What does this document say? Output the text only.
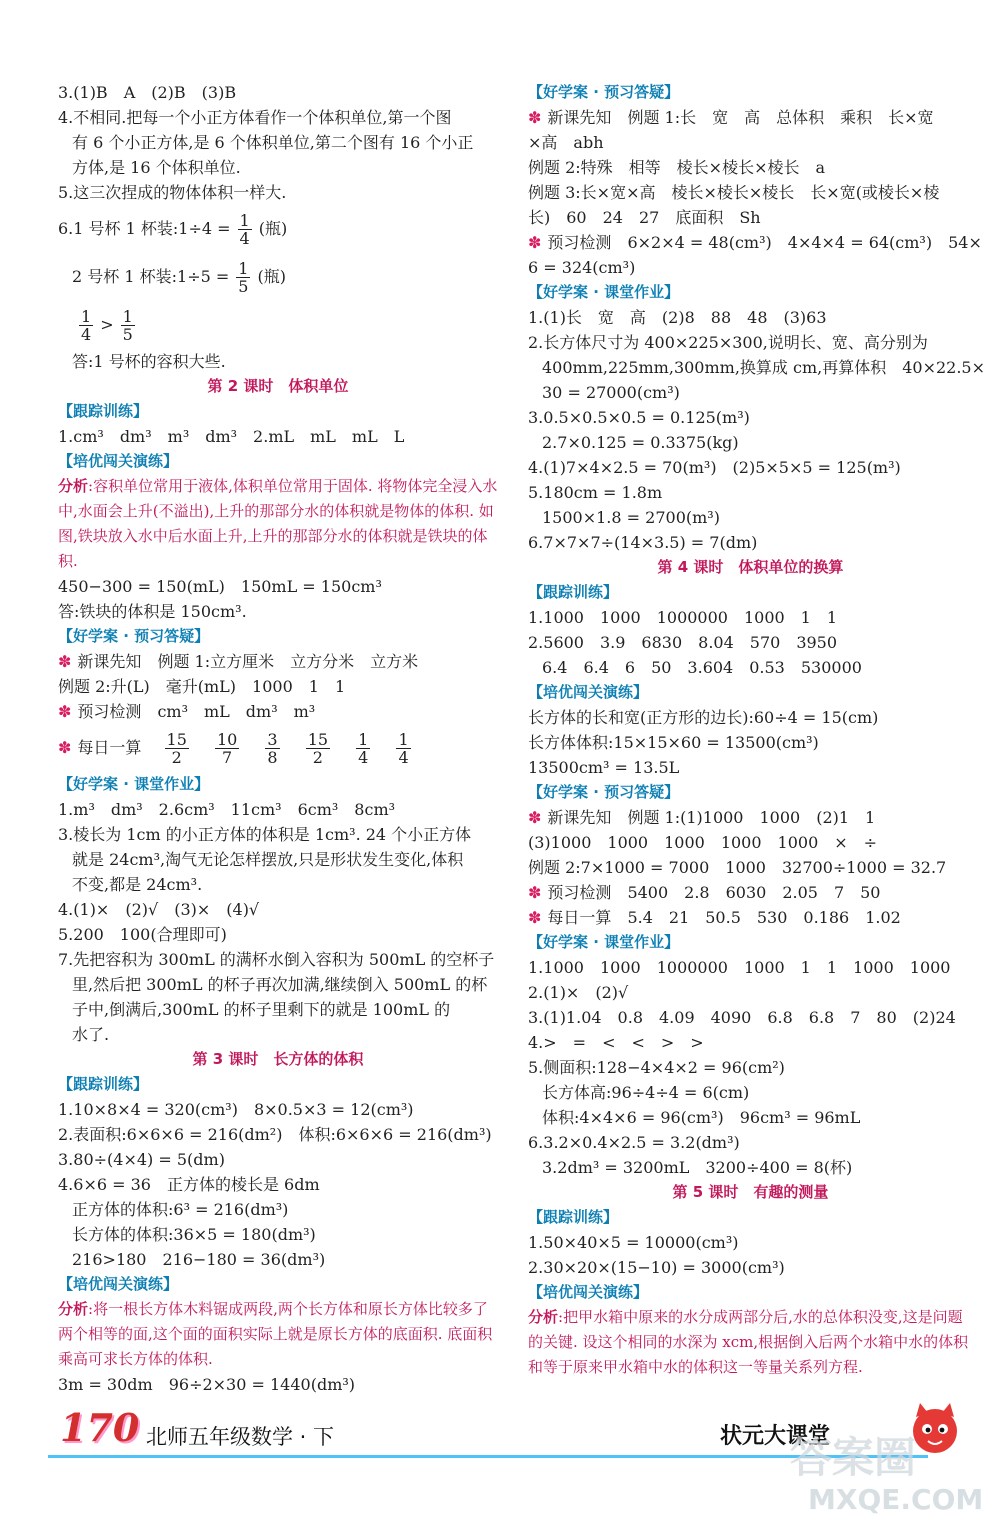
3.(1)B　A　(2)B　(3)B
4.不相同.把每一个小正方体看作一个体积单位,第一个图
有 6 个小正方体,是 6 个体积单位,第二个图有 16 个小正
方体,是 16 个体积单位.
5.这三次捏成的物体体积一样大.
6.1 号杯 1 杯装:1÷4 = $\frac{1}{4}$ (瓶)
2 号杯 1 杯装:1÷5 = $\frac{1}{5}$ (瓶)
$\frac{1}{4} > \frac{1}{5}$
答:1 号杯的容积大些.
第 2 课时　体积单位
【跟踪训练】
1.cm³　dm³　m³　dm³　2.mL　mL　mL　L
【培优闯关演练】
分析:容积单位常用于液体,体积单位常用于固体. 将物体完全浸入水中,水面会上升(不溢出),上升的那部分水的体积就是物体的体积. 如图,铁块放入水中后水面上升,上升的那部分水的体积就是铁块的体积.
450−300 = 150(mL)　150mL = 150cm³
答:铁块的体积是 150cm³.
【好学案 · 预习答疑】
✽ 新课先知　 例题 1:立方厘米　立方分米　立方米
例题 2:升(L)　毫升(mL)　1000　1　1
✽ 预习检测　 cm³　mL　dm³　m³
✽ 每日一算 $\frac{15}{2}$
$\frac{10}{7}$
$\frac{3}{8}$
$\frac{15}{2}$
$\frac{1}{4}$
$\frac{1}{4}$
【好学案 · 课堂作业】
1.m³　dm³　2.6cm³　11cm³　6cm³　8cm³
3.棱长为 1cm 的小正方体的体积是 1cm³. 24 个小正方体
就是 24cm³,淘气无论怎样摆放,只是形状发生变化,体积
不变,都是 24cm³.
4.(1)×　(2)√　(3)×　(4)√
5.200　100(合理即可)
7.先把容积为 300mL 的满杯水倒入容积为 500mL 的空杯子
里,然后把 300mL 的杯子再次加满,继续倒入 500mL 的杯
子中,倒满后,300mL 的杯子里剩下的就是 100mL 的
水了.
第 3 课时　长方体的体积
【跟踪训练】
1.10×8×4 = 320(cm³)　8×0.5×3 = 12(cm³)
2.表面积:6×6×6 = 216(dm²)　体积:6×6×6 = 216(dm³)
3.80÷(4×4) = 5(dm)
4.6×6 = 36　正方体的棱长是 6dm
正方体的体积:6³ = 216(dm³)
长方体的体积:36×5 = 180(dm³)
216>180　216−180 = 36(dm³)
【培优闯关演练】
分析:将一根长方体木料锯成两段,两个长方体和原长方体比较多了两个相等的面,这个面的面积实际上就是原长方体的底面积. 底面积乘高可求长方体的体积.
3m = 30dm　96÷2×30 = 1440(dm³)
【好学案 · 预习答疑】
✽ 新课先知　 例题 1:长　宽　高　总体积　乘积　长×宽
×高　abh
例题 2:特殊　相等　棱长×棱长×棱长　a
例题 3:长×宽×高　棱长×棱长×棱长　长×宽(或棱长×棱
长)　60　24　27　底面积　Sh
✽ 预习检测　 6×2×4 = 48(cm³)　4×4×4 = 64(cm³)　54×
6 = 324(cm³)
【好学案 · 课堂作业】
1.(1)长　宽　高　(2)8　88　48　(3)63
2.长方体尺寸为 400×225×300,说明长、宽、高分别为
400mm,225mm,300mm,换算成 cm,再算体积　40×22.5×
30 = 27000(cm³)
3.0.5×0.5×0.5 = 0.125(m³)
2.7×0.125 = 0.3375(kg)
4.(1)7×4×2.5 = 70(m³)　(2)5×5×5 = 125(m³)
5.180cm = 1.8m
1500×1.8 = 2700(m³)
6.7×7×7÷(14×3.5) = 7(dm)
第 4 课时　体积单位的换算
【跟踪训练】
1.1000　1000　1000000　1000　1　1
2.5600　3.9　6830　8.04　570　3950
6.4　6.4　6　50　3.604　0.53　530000
【培优闯关演练】
长方体的长和宽(正方形的边长):60÷4 = 15(cm)
长方体体积:15×15×60 = 13500(cm³)
13500cm³ = 13.5L
【好学案 · 预习答疑】
✽ 新课先知　 例题 1:(1)1000　1000　(2)1　1
(3)1000　1000　1000　1000　1000　×　÷
例题 2:7×1000 = 7000　1000　32700÷1000 = 32.7
✽ 预习检测　 5400　2.8　6030　2.05　7　50
✽ 每日一算　 5.4　21　50.5　530　0.186　1.02
【好学案 · 课堂作业】
1.1000　1000　1000000　1000　1　1　1000　1000
2.(1)×　(2)√
3.(1)1.04　0.8　4.09　4090　6.8　6.8　7　80　(2)24
4.>　=　<　<　>　>
5.侧面积:128−4×4×2 = 96(cm²)
长方体高:96÷4÷4 = 6(cm)
体积:4×4×6 = 96(cm³)　96cm³ = 96mL
6.3.2×0.4×2.5 = 3.2(dm³)
3.2dm³ = 3200mL　3200÷400 = 8(杯)
第 5 课时　有趣的测量
【跟踪训练】
1.50×40×5 = 10000(cm³)
2.30×20×(15−10) = 3000(cm³)
【培优闯关演练】
分析:把甲水箱中原来的水分成两部分后,水的总体积没变,这是问题的关键. 设这个相同的水深为 xcm,根据倒入后两个水箱中水的体积和等于原来甲水箱中水的体积这一等量关系列方程.
170 北师五年级数学 · 下	状元大课堂
答案圈
MXQE.COM
